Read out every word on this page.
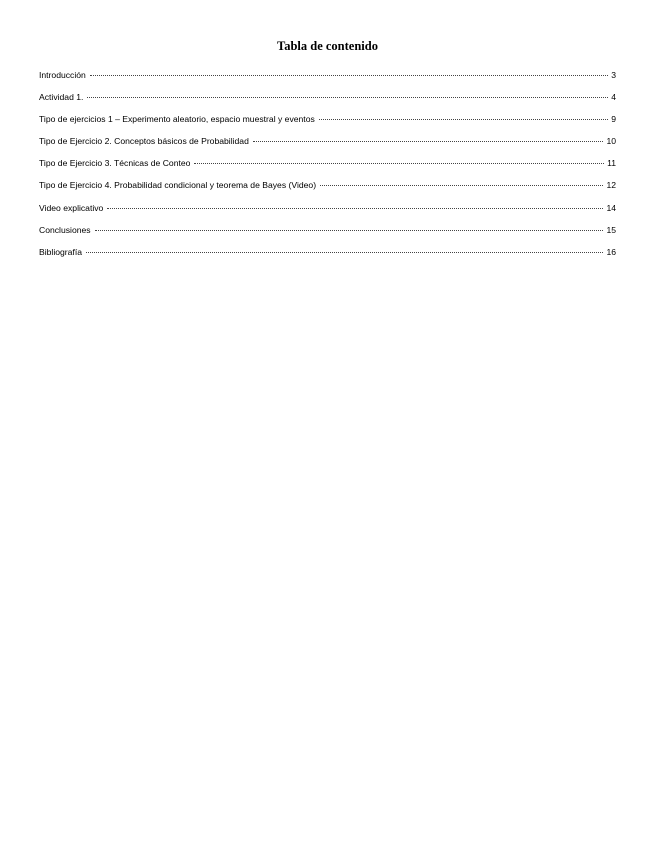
Tabla de contenido
Introducción	3
Actividad 1.	4
Tipo de ejercicios 1 – Experimento aleatorio, espacio muestral y eventos	9
Tipo de Ejercicio 2. Conceptos básicos de Probabilidad	10
Tipo de Ejercicio 3. Técnicas de Conteo	11
Tipo de Ejercicio 4. Probabilidad condicional y teorema de Bayes (Video)	12
Video explicativo	14
Conclusiones	15
Bibliografía	16
